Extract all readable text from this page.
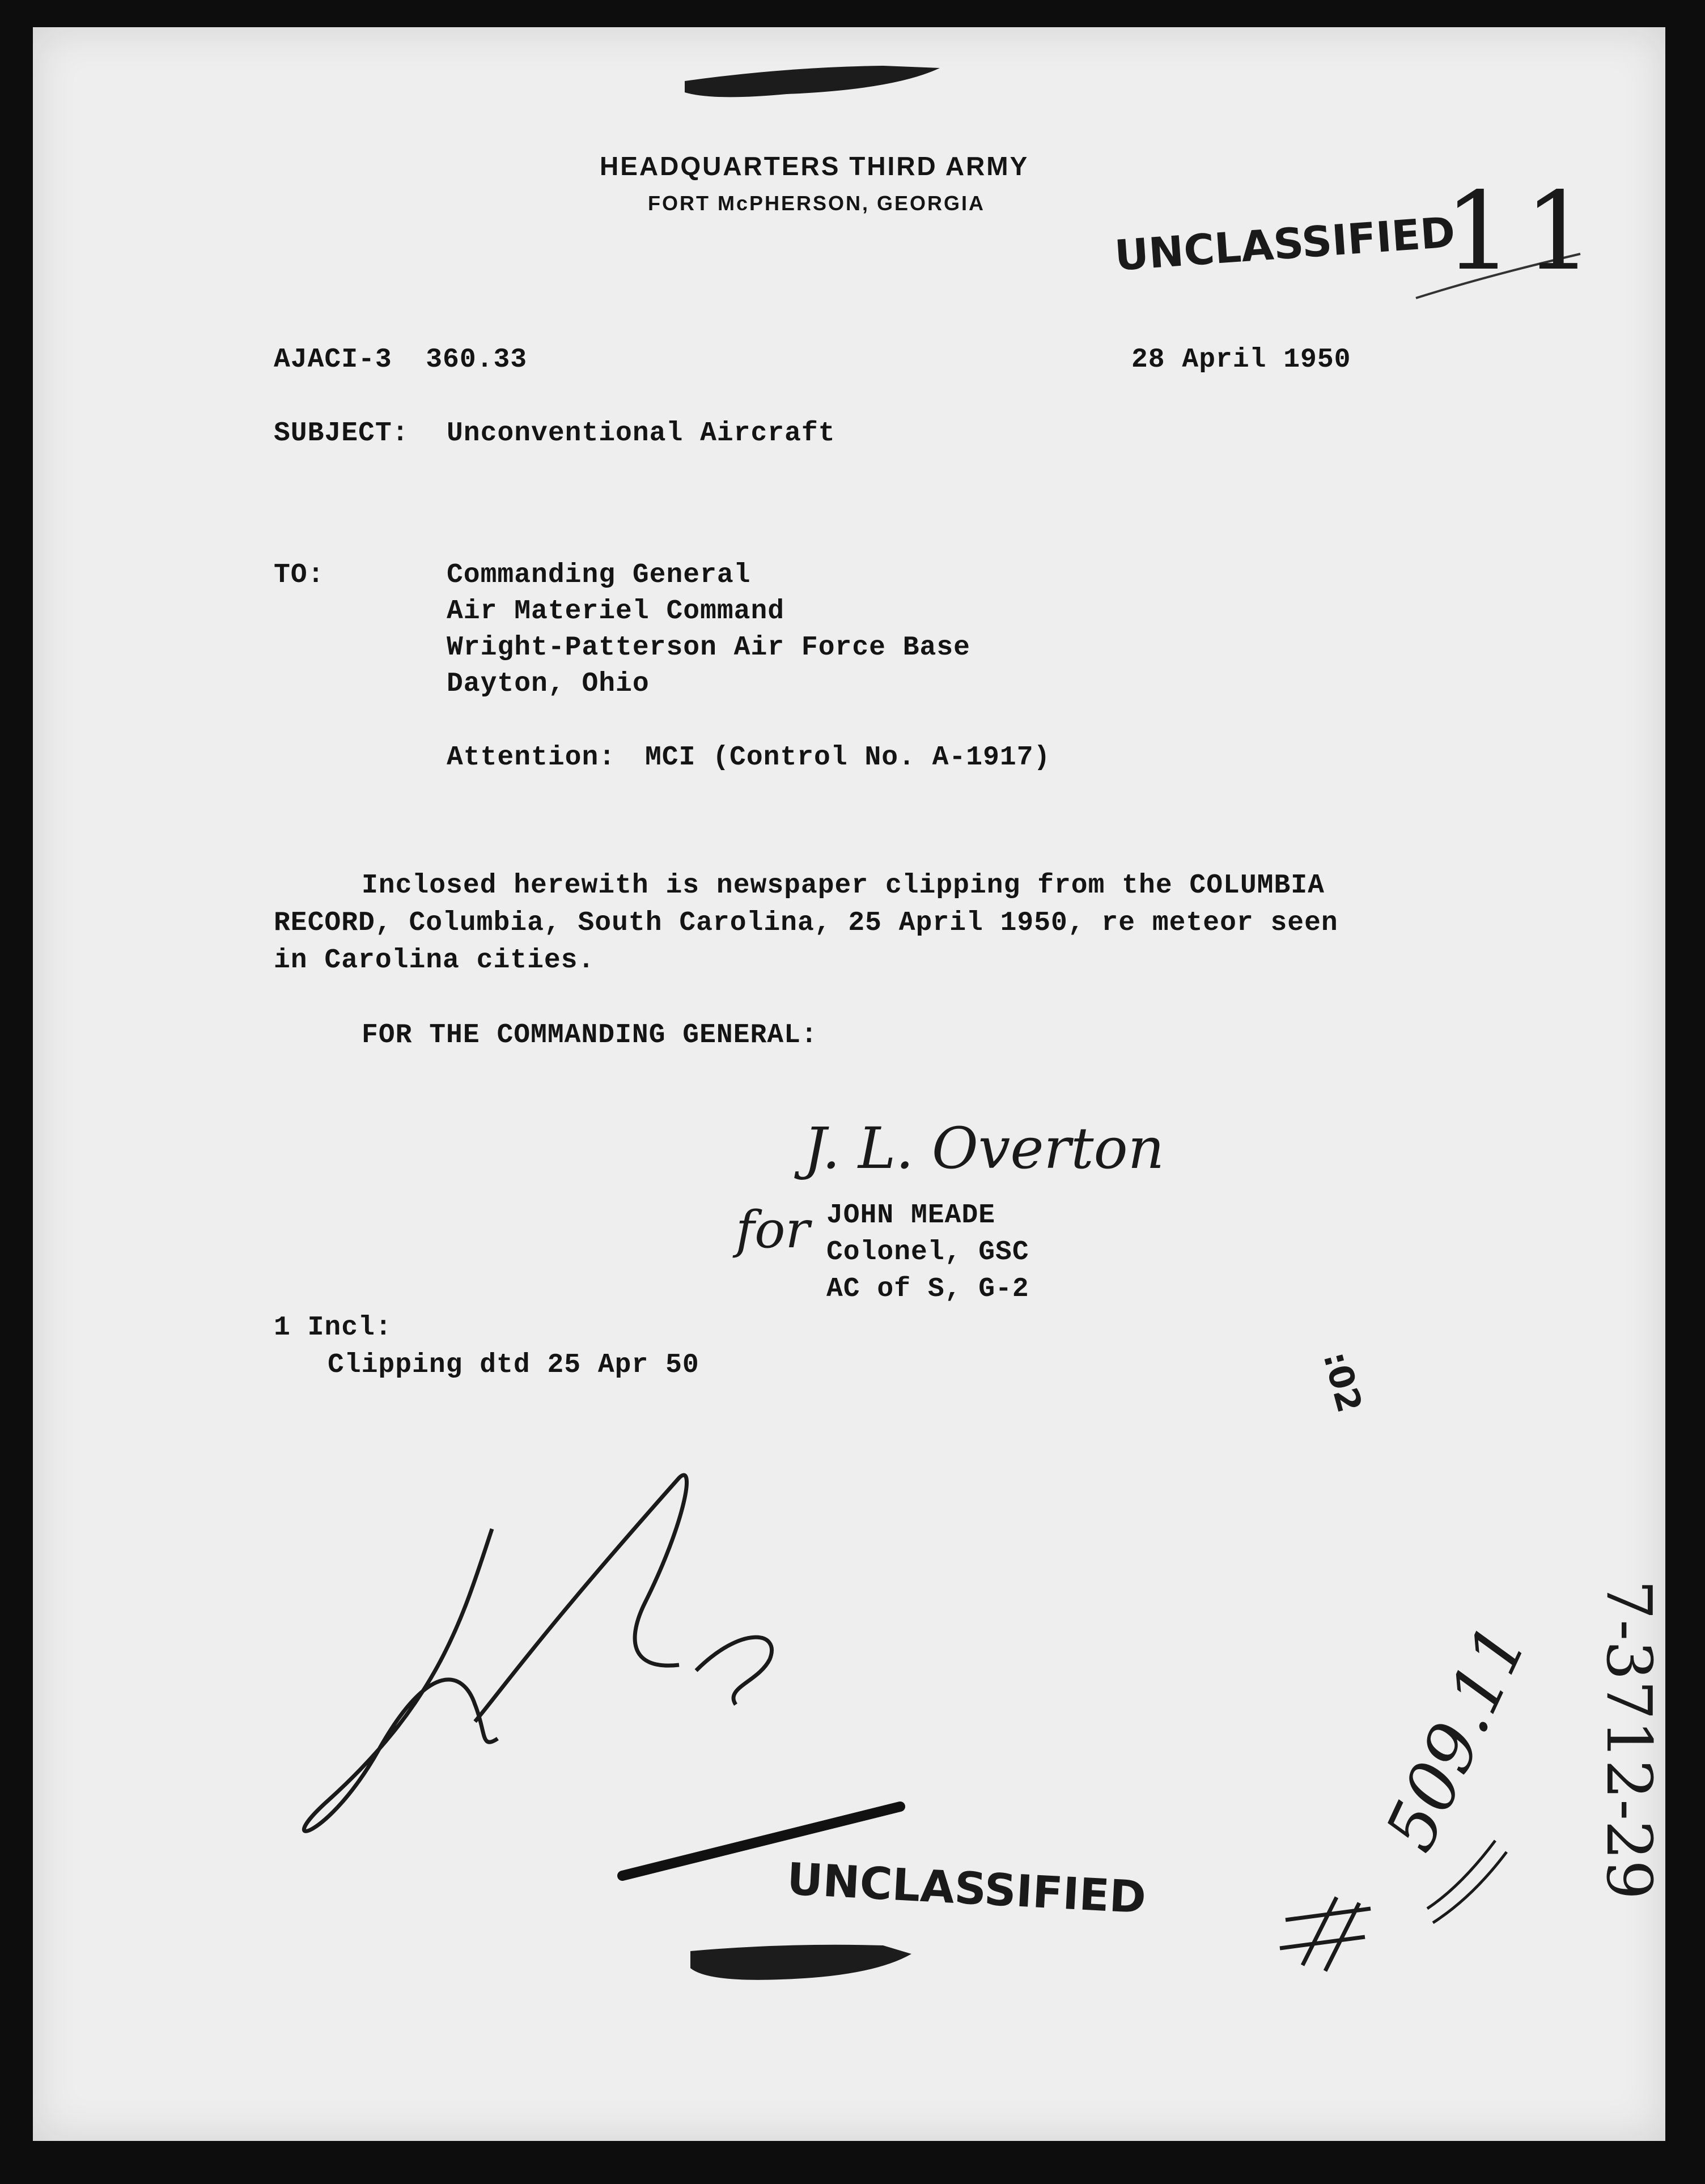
HEADQUARTERS THIRD ARMY
FORT McPHERSON, GEORGIA
UNCLASSIFIED
11
AJACI-3  360.33	28 April 1950
SUBJECT: Unconventional Aircraft
TO:	Commanding General
Air Materiel Command
Wright-Patterson Air Force Base
Dayton, Ohio
Attention: MCI (Control No. A-1917)
Inclosed herewith is newspaper clipping from the COLUMBIA
RECORD, Columbia, South Carolina, 25 April 1950, re meteor seen
in Carolina cities.
FOR THE COMMANDING GENERAL:
J. L. Overton
for JOHN MEADE
Colonel, GSC
AC of S, G-2
1 Incl:
Clipping dtd 25 Apr 50	:02
UNCLASSIFIED
509.11 7-3712-29
